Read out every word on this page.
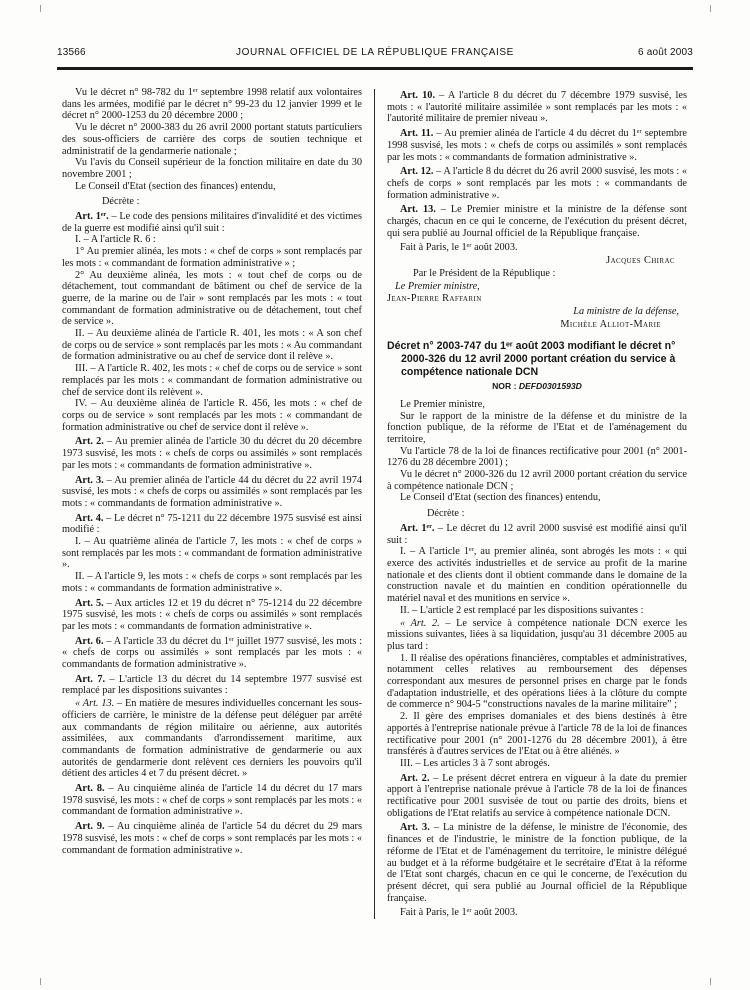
13566	JOURNAL OFFICIEL DE LA RÉPUBLIQUE FRANÇAISE	6 août 2003

Vu le décret n° 98-782 du 1ᵉʳ septembre 1998 relatif aux volontaires dans les armées, modifié par le décret n° 99-23 du 12 janvier 1999 et le décret n° 2000-1253 du 20 décembre 2000 ;

Vu le décret n° 2000-383 du 26 avril 2000 portant statuts particuliers des sous-officiers de carrière des corps de soutien technique et administratif de la gendarmerie nationale ;

Vu l'avis du Conseil supérieur de la fonction militaire en date du 30 novembre 2001 ;

Le Conseil d'Etat (section des finances) entendu,

Décrète :

Art. 1ᵉʳ. – Le code des pensions militaires d'invalidité et des victimes de la guerre est modifié ainsi qu'il suit :

I. – A l'article R. 6 :

1° Au premier alinéa, les mots : « chef de corps » sont remplacés par les mots : « commandant de formation administrative » ;

2° Au deuxième alinéa, les mots : « tout chef de corps ou de détachement, tout commandant de bâtiment ou chef de service de la guerre, de la marine ou de l'air » sont remplacés par les mots : « tout commandant de formation administrative ou de détachement, tout chef de service ».

II. – Au deuxième alinéa de l'article R. 401, les mots : « A son chef de corps ou de service » sont remplacés par les mots : « Au commandant de formation administrative ou au chef de service dont il relève ».

III. – A l'article R. 402, les mots : « chef de corps ou de service » sont remplacés par les mots : « commandant de formation administrative ou chef de service dont ils relèvent ».

IV. – Au deuxième alinéa de l'article R. 456, les mots : « chef de corps ou de service » sont remplacés par les mots : « commandant de formation administrative ou chef de service dont il relève ».

Art. 2. – Au premier alinéa de l'article 30 du décret du 20 décembre 1973 susvisé, les mots : « chefs de corps ou assimilés » sont remplacés par les mots : « commandants de formation administrative ».

Art. 3. – Au premier alinéa de l'article 44 du décret du 22 avril 1974 susvisé, les mots : « chefs de corps ou assimilés » sont remplacés par les mots : « commandants de formation administrative ».

Art. 4. – Le décret n° 75-1211 du 22 décembre 1975 susvisé est ainsi modifié :

I. – Au quatrième alinéa de l'article 7, les mots : « chef de corps » sont remplacés par les mots : « commandant de formation administrative ».

II. – A l'article 9, les mots : « chefs de corps » sont remplacés par les mots : « commandants de formation administrative ».

Art. 5. – Aux articles 12 et 19 du décret n° 75-1214 du 22 décembre 1975 susvisé, les mots : « chefs de corps ou assimilés » sont remplacés par les mots : « commandants de formation administrative ».

Art. 6. – A l'article 33 du décret du 1ᵉʳ juillet 1977 susvisé, les mots : « chefs de corps ou assimilés » sont remplacés par les mots : « commandants de formation administrative ».

Art. 7. – L'article 13 du décret du 14 septembre 1977 susvisé est remplacé par les dispositions suivantes :

« Art. 13. – En matière de mesures individuelles concernant les sous-officiers de carrière, le ministre de la défense peut déléguer par arrêté aux commandants de région militaire ou aérienne, aux autorités assimilées, aux commandants d'arrondissement maritime, aux commandants de formation administrative de gendarmerie ou aux autorités de gendarmerie dont relèvent ces derniers les pouvoirs qu'il détient des articles 4 et 7 du présent décret. »

Art. 8. – Au cinquième alinéa de l'article 14 du décret du 17 mars 1978 susvisé, les mots : « chef de corps » sont remplacés par les mots : « commandant de formation administrative ».

Art. 9. – Au cinquième alinéa de l'article 54 du décret du 29 mars 1978 susvisé, les mots : « chef de corps » sont remplacés par les mots : « commandant de formation administrative ».

Art. 10. – A l'article 8 du décret du 7 décembre 1979 susvisé, les mots : « l'autorité militaire assimilée » sont remplacés par les mots : « l'autorité militaire de premier niveau ».

Art. 11. – Au premier alinéa de l'article 4 du décret du 1ᵉʳ septembre 1998 susvisé, les mots : « chefs de corps ou assimilés » sont remplacés par les mots : « commandants de formation administrative ».

Art. 12. – A l'article 8 du décret du 26 avril 2000 susvisé, les mots : « chefs de corps » sont remplacés par les mots : « commandants de formation administrative ».

Art. 13. – Le Premier ministre et la ministre de la défense sont chargés, chacun en ce qui le concerne, de l'exécution du présent décret, qui sera publié au Journal officiel de la République française.

Fait à Paris, le 1ᵉʳ août 2003.

Jacques Chirac

Par le Président de la République :

Le Premier ministre,

Jean-Pierre Raffarin

La ministre de la défense,

Michèle Alliot-Marie

Décret n° 2003-747 du 1ᵉʳ août 2003 modifiant le décret n° 2000-326 du 12 avril 2000 portant création du service à compétence nationale DCN

NOR : DEFD0301593D

Le Premier ministre,

Sur le rapport de la ministre de la défense et du ministre de la fonction publique, de la réforme de l'Etat et de l'aménagement du territoire,

Vu l'article 78 de la loi de finances rectificative pour 2001 (n° 2001-1276 du 28 décembre 2001) ;

Vu le décret n° 2000-326 du 12 avril 2000 portant création du service à compétence nationale DCN ;

Le Conseil d'Etat (section des finances) entendu,

Décrète :

Art. 1ᵉʳ. – Le décret du 12 avril 2000 susvisé est modifié ainsi qu'il suit :

I. – A l'article 1ᵉʳ, au premier alinéa, sont abrogés les mots : « qui exerce des activités industrielles et de service au profit de la marine nationale et des clients dont il obtient commande dans le domaine de la construction navale et du maintien en condition opérationnelle du matériel naval et des munitions en service ».

II. – L'article 2 est remplacé par les dispositions suivantes :

« Art. 2. – Le service à compétence nationale DCN exerce les missions suivantes, liées à sa liquidation, jusqu'au 31 décembre 2005 au plus tard :

1. Il réalise des opérations financières, comptables et administratives, notamment celles relatives au remboursement des dépenses correspondant aux mesures de personnel prises en charge par le fonds d'adaptation industrielle, et des opérations liées à la clôture du compte de commerce n° 904-5 “constructions navales de la marine militaire” ;

2. Il gère des emprises domaniales et des biens destinés à être apportés à l'entreprise nationale prévue à l'article 78 de la loi de finances rectificative pour 2001 (n° 2001-1276 du 28 décembre 2001), à être transférés à d'autres services de l'Etat ou à être aliénés. »

III. – Les articles 3 à 7 sont abrogés.

Art. 2. – Le présent décret entrera en vigueur à la date du premier apport à l'entreprise nationale prévue à l'article 78 de la loi de finances rectificative pour 2001 susvisée de tout ou partie des droits, biens et obligations de l'Etat relatifs au service à compétence nationale DCN.

Art. 3. – La ministre de la défense, le ministre de l'économie, des finances et de l'industrie, le ministre de la fonction publique, de la réforme de l'Etat et de l'aménagement du territoire, le ministre délégué au budget et à la réforme budgétaire et le secrétaire d'Etat à la réforme de l'Etat sont chargés, chacun en ce qui le concerne, de l'exécution du présent décret, qui sera publié au Journal officiel de la République française.

Fait à Paris, le 1ᵉʳ août 2003.
